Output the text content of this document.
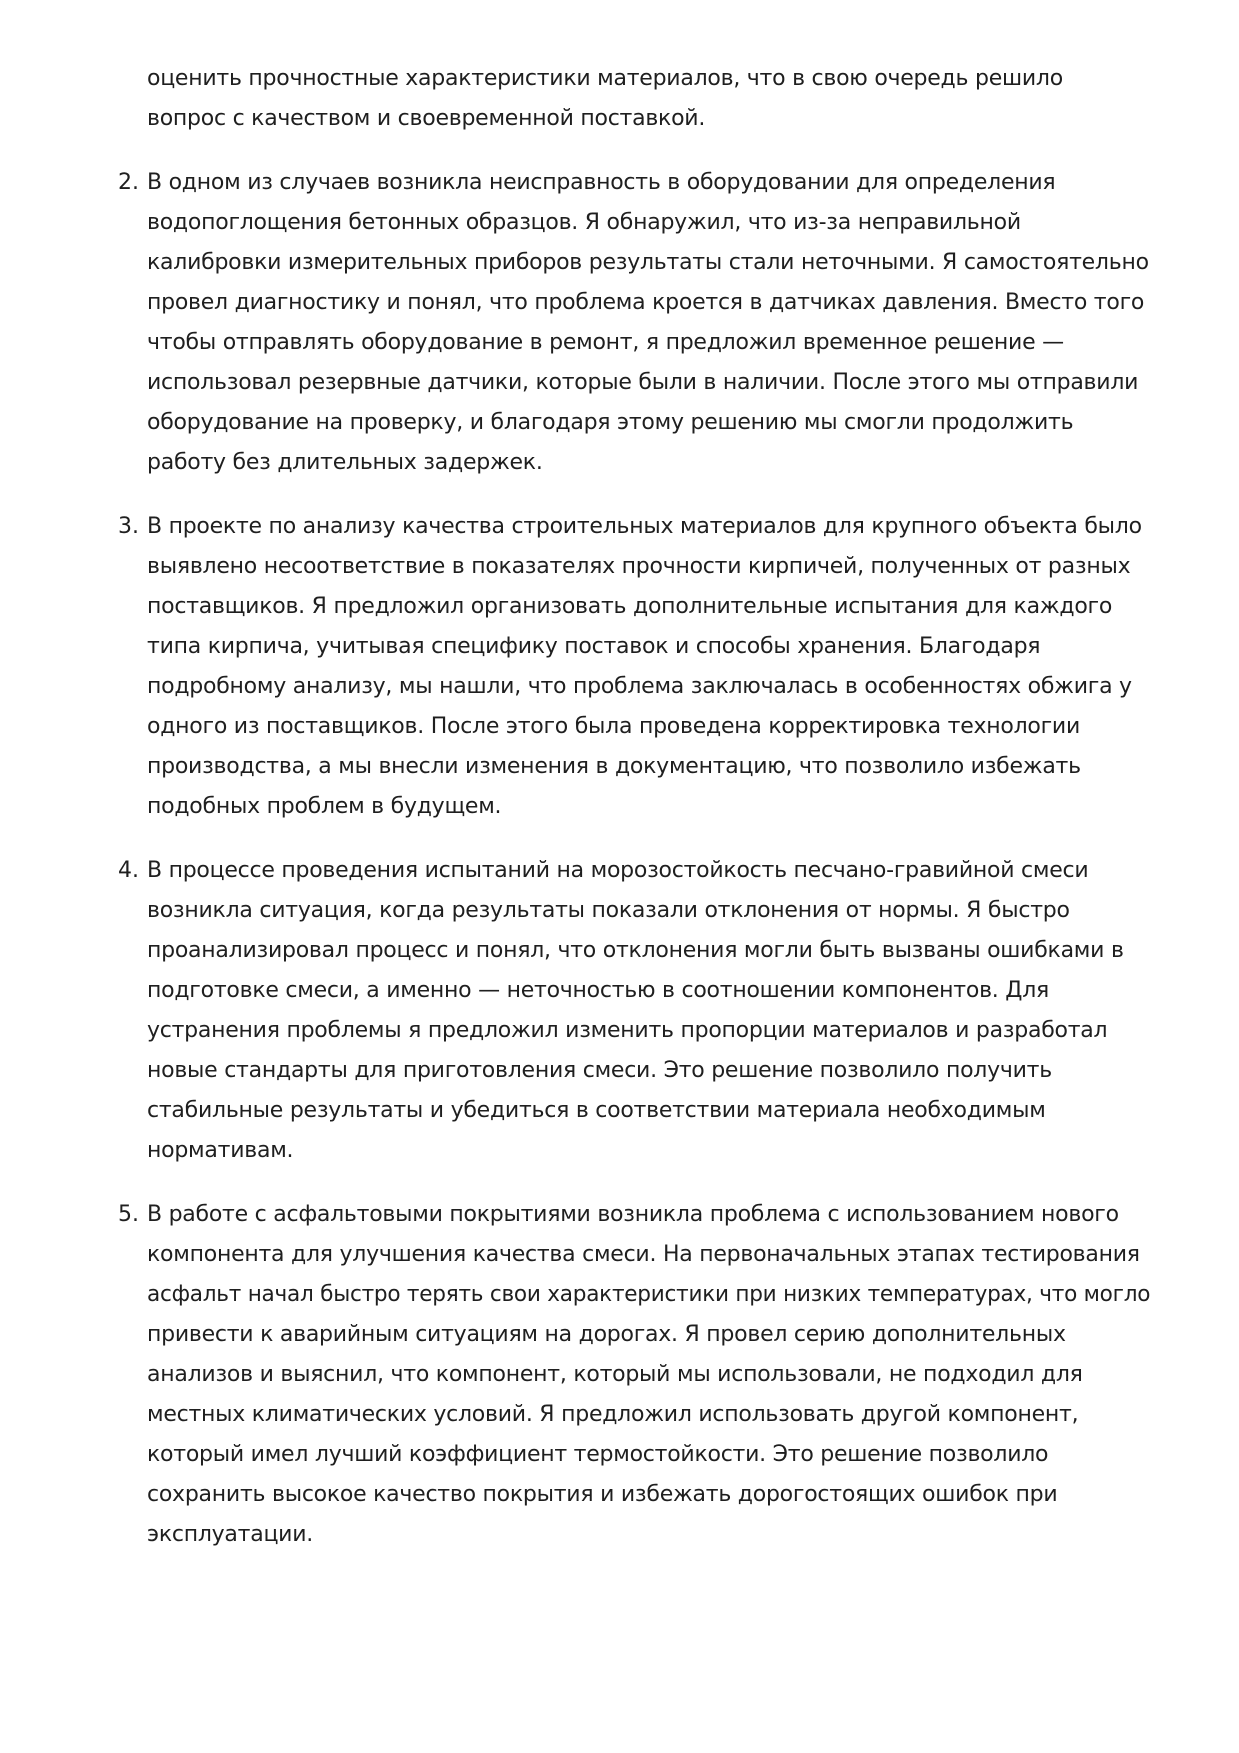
оценить прочностные характеристики материалов, что в свою очередь решило

вопрос с качеством и своевременной поставкой.

2. В одном из случаев возникла неисправность в оборудовании для определения

водопоглощения бетонных образцов. Я обнаружил, что из-за неправильной

калибровки измерительных приборов результаты стали неточными. Я самостоятельно

провел диагностику и понял, что проблема кроется в датчиках давления. Вместо того

чтобы отправлять оборудование в ремонт, я предложил временное решение —

использовал резервные датчики, которые были в наличии. После этого мы отправили

оборудование на проверку, и благодаря этому решению мы смогли продолжить

работу без длительных задержек.

3. В проекте по анализу качества строительных материалов для крупного объекта было

выявлено несоответствие в показателях прочности кирпичей, полученных от разных

поставщиков. Я предложил организовать дополнительные испытания для каждого

типа кирпича, учитывая специфику поставок и способы хранения. Благодаря

подробному анализу, мы нашли, что проблема заключалась в особенностях обжига у

одного из поставщиков. После этого была проведена корректировка технологии

производства, а мы внесли изменения в документацию, что позволило избежать

подобных проблем в будущем.

4. В процессе проведения испытаний на морозостойкость песчано-гравийной смеси

возникла ситуация, когда результаты показали отклонения от нормы. Я быстро

проанализировал процесс и понял, что отклонения могли быть вызваны ошибками в

подготовке смеси, а именно — неточностью в соотношении компонентов. Для

устранения проблемы я предложил изменить пропорции материалов и разработал

новые стандарты для приготовления смеси. Это решение позволило получить

стабильные результаты и убедиться в соответствии материала необходимым

нормативам.

5. В работе с асфальтовыми покрытиями возникла проблема с использованием нового

компонента для улучшения качества смеси. На первоначальных этапах тестирования

асфальт начал быстро терять свои характеристики при низких температурах, что могло

привести к аварийным ситуациям на дорогах. Я провел серию дополнительных

анализов и выяснил, что компонент, который мы использовали, не подходил для

местных климатических условий. Я предложил использовать другой компонент,

который имел лучший коэффициент термостойкости. Это решение позволило

сохранить высокое качество покрытия и избежать дорогостоящих ошибок при

эксплуатации.
